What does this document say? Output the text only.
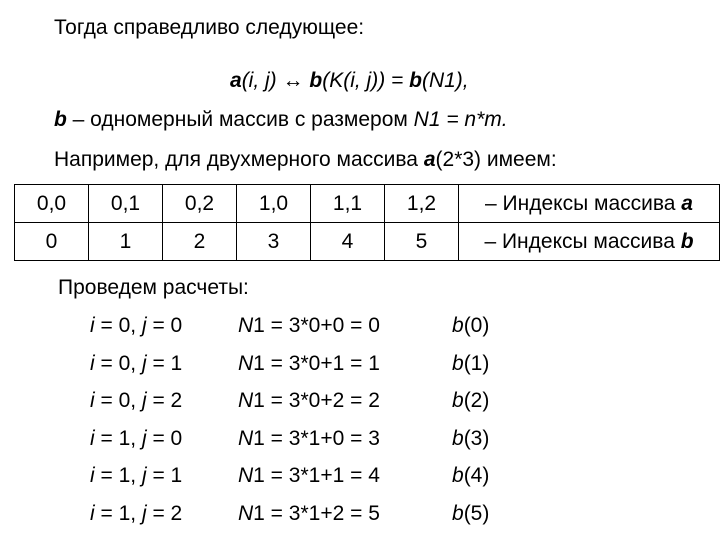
Тогда справедливо следующее:
a(i, j) ↔ b(K(i, j)) = b(N1),
b – одномерный массив с размером N1 = n*m.
Например, для двухмерного массива a(2*3) имеем:
0,0	0,1	0,2	1,0	1,1	1,2	– Индексы массива a
0	1	2	3	4	5	– Индексы массива b
Проведем расчеты:
i = 0, j = 0	N1 = 3*0+0 = 0	b(0)
i = 0, j = 1	N1 = 3*0+1 = 1	b(1)
i = 0, j = 2	N1 = 3*0+2 = 2	b(2)
i = 1, j = 0	N1 = 3*1+0 = 3	b(3)
i = 1, j = 1	N1 = 3*1+1 = 4	b(4)
i = 1, j = 2	N1 = 3*1+2 = 5	b(5)
